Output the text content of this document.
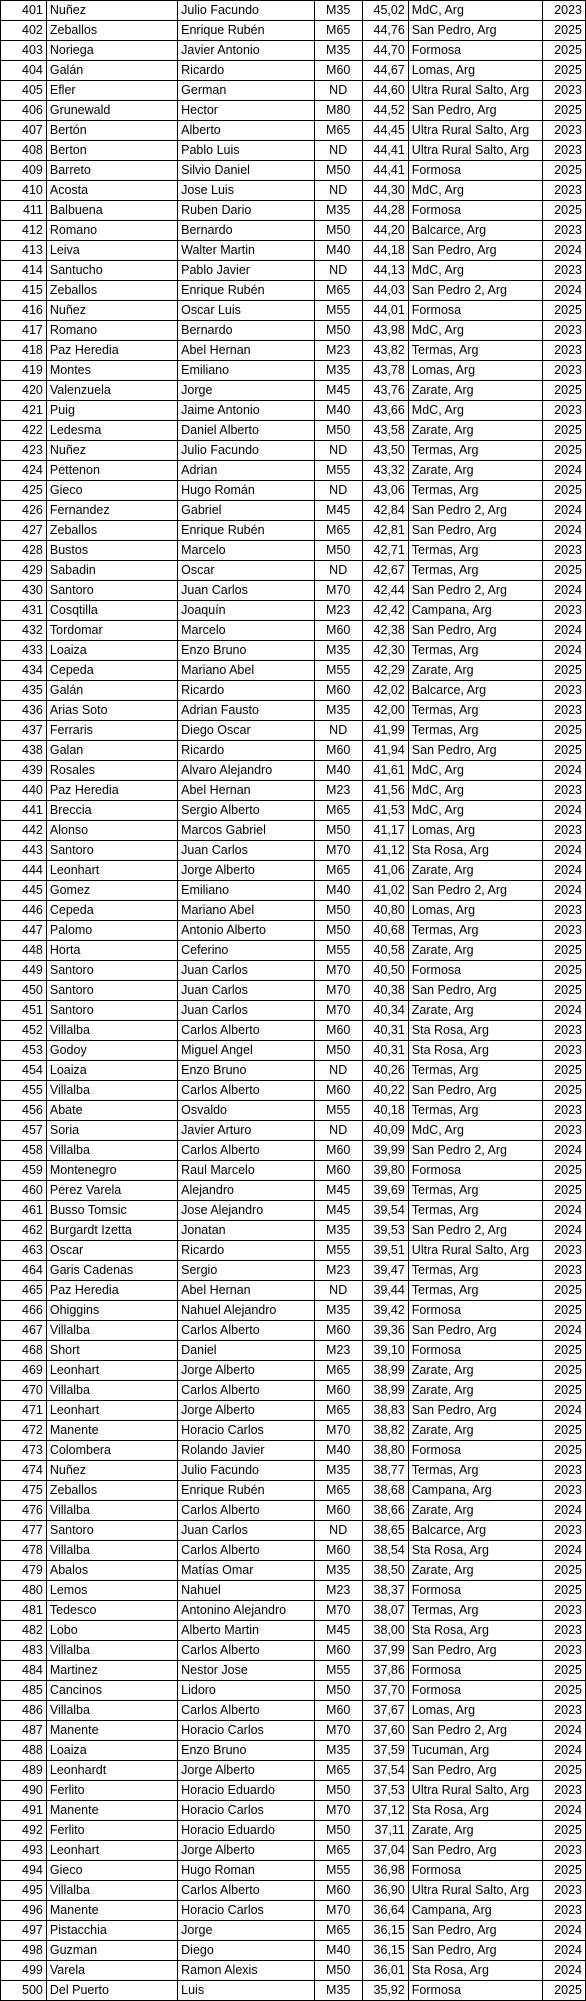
401	Nuñez	Julio Facundo	M35	45,02	MdC, Arg	2023
402	Zeballos	Enrique Rubén	M65	44,76	San Pedro, Arg	2025
403	Noriega	Javier Antonio	M35	44,70	Formosa	2025
404	Galán	Ricardo	M60	44,67	Lomas, Arg	2025
405	Efler	German	ND	44,60	Ultra Rural Salto, Arg	2023
406	Grunewald	Hector	M80	44,52	San Pedro, Arg	2025
407	Bertón	Alberto	M65	44,45	Ultra Rural Salto, Arg	2023
408	Berton	Pablo Luis	ND	44,41	Ultra Rural Salto, Arg	2023
409	Barreto	Silvio Daniel	M50	44,41	Formosa	2025
410	Acosta	Jose Luis	ND	44,30	MdC, Arg	2023
411	Balbuena	Ruben Dario	M35	44,28	Formosa	2025
412	Romano	Bernardo	M50	44,20	Balcarce, Arg	2023
413	Leiva	Walter Martin	M40	44,18	San Pedro, Arg	2024
414	Santucho	Pablo Javier	ND	44,13	MdC, Arg	2023
415	Zeballos	Enrique Rubén	M65	44,03	San Pedro 2, Arg	2024
416	Nuñez	Oscar Luis	M55	44,01	Formosa	2025
417	Romano	Bernardo	M50	43,98	MdC, Arg	2023
418	Paz Heredia	Abel Hernan	M23	43,82	Termas, Arg	2023
419	Montes	Emiliano	M35	43,78	Lomas, Arg	2023
420	Valenzuela	Jorge	M45	43,76	Zarate, Arg	2025
421	Puig	Jaime Antonio	M40	43,66	MdC, Arg	2023
422	Ledesma	Daniel Alberto	M50	43,58	Zarate, Arg	2025
423	Nuñez	Julio Facundo	ND	43,50	Termas, Arg	2025
424	Pettenon	Adrian	M55	43,32	Zarate, Arg	2024
425	Gieco	Hugo Román	ND	43,06	Termas, Arg	2025
426	Fernandez	Gabriel	M45	42,84	San Pedro 2, Arg	2024
427	Zeballos	Enrique Rubén	M65	42,81	San Pedro, Arg	2024
428	Bustos	Marcelo	M50	42,71	Termas, Arg	2023
429	Sabadin	Oscar	ND	42,67	Termas, Arg	2025
430	Santoro	Juan Carlos	M70	42,44	San Pedro 2, Arg	2024
431	Cosqtilla	Joaquín	M23	42,42	Campana, Arg	2023
432	Tordomar	Marcelo	M60	42,38	San Pedro, Arg	2024
433	Loaiza	Enzo Bruno	M35	42,30	Termas, Arg	2024
434	Cepeda	Mariano Abel	M55	42,29	Zarate, Arg	2025
435	Galán	Ricardo	M60	42,02	Balcarce, Arg	2023
436	Arias Soto	Adrian Fausto	M35	42,00	Termas, Arg	2023
437	Ferraris	Diego Oscar	ND	41,99	Termas, Arg	2025
438	Galan	Ricardo	M60	41,94	San Pedro, Arg	2025
439	Rosales	Alvaro Alejandro	M40	41,61	MdC, Arg	2024
440	Paz Heredia	Abel Hernan	M23	41,56	MdC, Arg	2023
441	Breccia	Sergio Alberto	M65	41,53	MdC, Arg	2024
442	Alonso	Marcos Gabriel	M50	41,17	Lomas, Arg	2023
443	Santoro	Juan Carlos	M70	41,12	Sta Rosa, Arg	2024
444	Leonhart	Jorge Alberto	M65	41,06	Zarate, Arg	2024
445	Gomez	Emiliano	M40	41,02	San Pedro 2, Arg	2024
446	Cepeda	Mariano Abel	M50	40,80	Lomas, Arg	2023
447	Palomo	Antonio Alberto	M50	40,68	Termas, Arg	2023
448	Horta	Ceferino	M55	40,58	Zarate, Arg	2025
449	Santoro	Juan Carlos	M70	40,50	Formosa	2025
450	Santoro	Juan Carlos	M70	40,38	San Pedro, Arg	2025
451	Santoro	Juan Carlos	M70	40,34	Zarate, Arg	2024
452	Villalba	Carlos Alberto	M60	40,31	Sta Rosa, Arg	2023
453	Godoy	Miguel Angel	M50	40,31	Sta Rosa, Arg	2023
454	Loaiza	Enzo Bruno	ND	40,26	Termas, Arg	2025
455	Villalba	Carlos Alberto	M60	40,22	San Pedro, Arg	2025
456	Abate	Osvaldo	M55	40,18	Termas, Arg	2023
457	Soria	Javier Arturo	ND	40,09	MdC, Arg	2023
458	Villalba	Carlos Alberto	M60	39,99	San Pedro 2, Arg	2024
459	Montenegro	Raul Marcelo	M60	39,80	Formosa	2025
460	Perez Varela	Alejandro	M45	39,69	Termas, Arg	2025
461	Busso Tomsic	Jose Alejandro	M45	39,54	Termas, Arg	2024
462	Burgardt Izetta	Jonatan	M35	39,53	San Pedro 2, Arg	2024
463	Oscar	Ricardo	M55	39,51	Ultra Rural Salto, Arg	2023
464	Garis Cadenas	Sergio	M23	39,47	Termas, Arg	2023
465	Paz Heredia	Abel Hernan	ND	39,44	Termas, Arg	2025
466	Ohiggins	Nahuel Alejandro	M35	39,42	Formosa	2025
467	Villalba	Carlos Alberto	M60	39,36	San Pedro, Arg	2024
468	Short	Daniel	M23	39,10	Formosa	2025
469	Leonhart	Jorge Alberto	M65	38,99	Zarate, Arg	2025
470	Villalba	Carlos Alberto	M60	38,99	Zarate, Arg	2025
471	Leonhart	Jorge Alberto	M65	38,83	San Pedro, Arg	2024
472	Manente	Horacio Carlos	M70	38,82	Zarate, Arg	2025
473	Colombera	Rolando Javier	M40	38,80	Formosa	2025
474	Nuñez	Julio Facundo	M35	38,77	Termas, Arg	2023
475	Zeballos	Enrique Rubén	M65	38,68	Campana, Arg	2023
476	Villalba	Carlos Alberto	M60	38,66	Zarate, Arg	2024
477	Santoro	Juan Carlos	ND	38,65	Balcarce, Arg	2023
478	Villalba	Carlos Alberto	M60	38,54	Sta Rosa, Arg	2024
479	Abalos	Matías Omar	M35	38,50	Zarate, Arg	2025
480	Lemos	Nahuel	M23	38,37	Formosa	2025
481	Tedesco	Antonino Alejandro	M70	38,07	Termas, Arg	2023
482	Lobo	Alberto Martin	M45	38,00	Sta Rosa, Arg	2023
483	Villalba	Carlos Alberto	M60	37,99	San Pedro, Arg	2023
484	Martinez	Nestor Jose	M55	37,86	Formosa	2025
485	Cancinos	Lidoro	M50	37,70	Formosa	2025
486	Villalba	Carlos Alberto	M60	37,67	Lomas, Arg	2023
487	Manente	Horacio Carlos	M70	37,60	San Pedro 2, Arg	2024
488	Loaiza	Enzo Bruno	M35	37,59	Tucuman, Arg	2024
489	Leonhardt	Jorge Alberto	M65	37,54	San Pedro, Arg	2025
490	Ferlito	Horacio Eduardo	M50	37,53	Ultra Rural Salto, Arg	2023
491	Manente	Horacio Carlos	M70	37,12	Sta Rosa, Arg	2024
492	Ferlito	Horacio Eduardo	M50	37,11	Zarate, Arg	2025
493	Leonhart	Jorge Alberto	M65	37,04	San Pedro, Arg	2023
494	Gieco	Hugo Roman	M55	36,98	Formosa	2025
495	Villalba	Carlos Alberto	M60	36,90	Ultra Rural Salto, Arg	2023
496	Manente	Horacio Carlos	M70	36,64	Campana, Arg	2023
497	Pistacchia	Jorge	M65	36,15	San Pedro, Arg	2024
498	Guzman	Diego	M40	36,15	San Pedro, Arg	2024
499	Varela	Ramon Alexis	M50	36,01	Sta Rosa, Arg	2024
500	Del Puerto	Luis	M35	35,92	Formosa	2025
